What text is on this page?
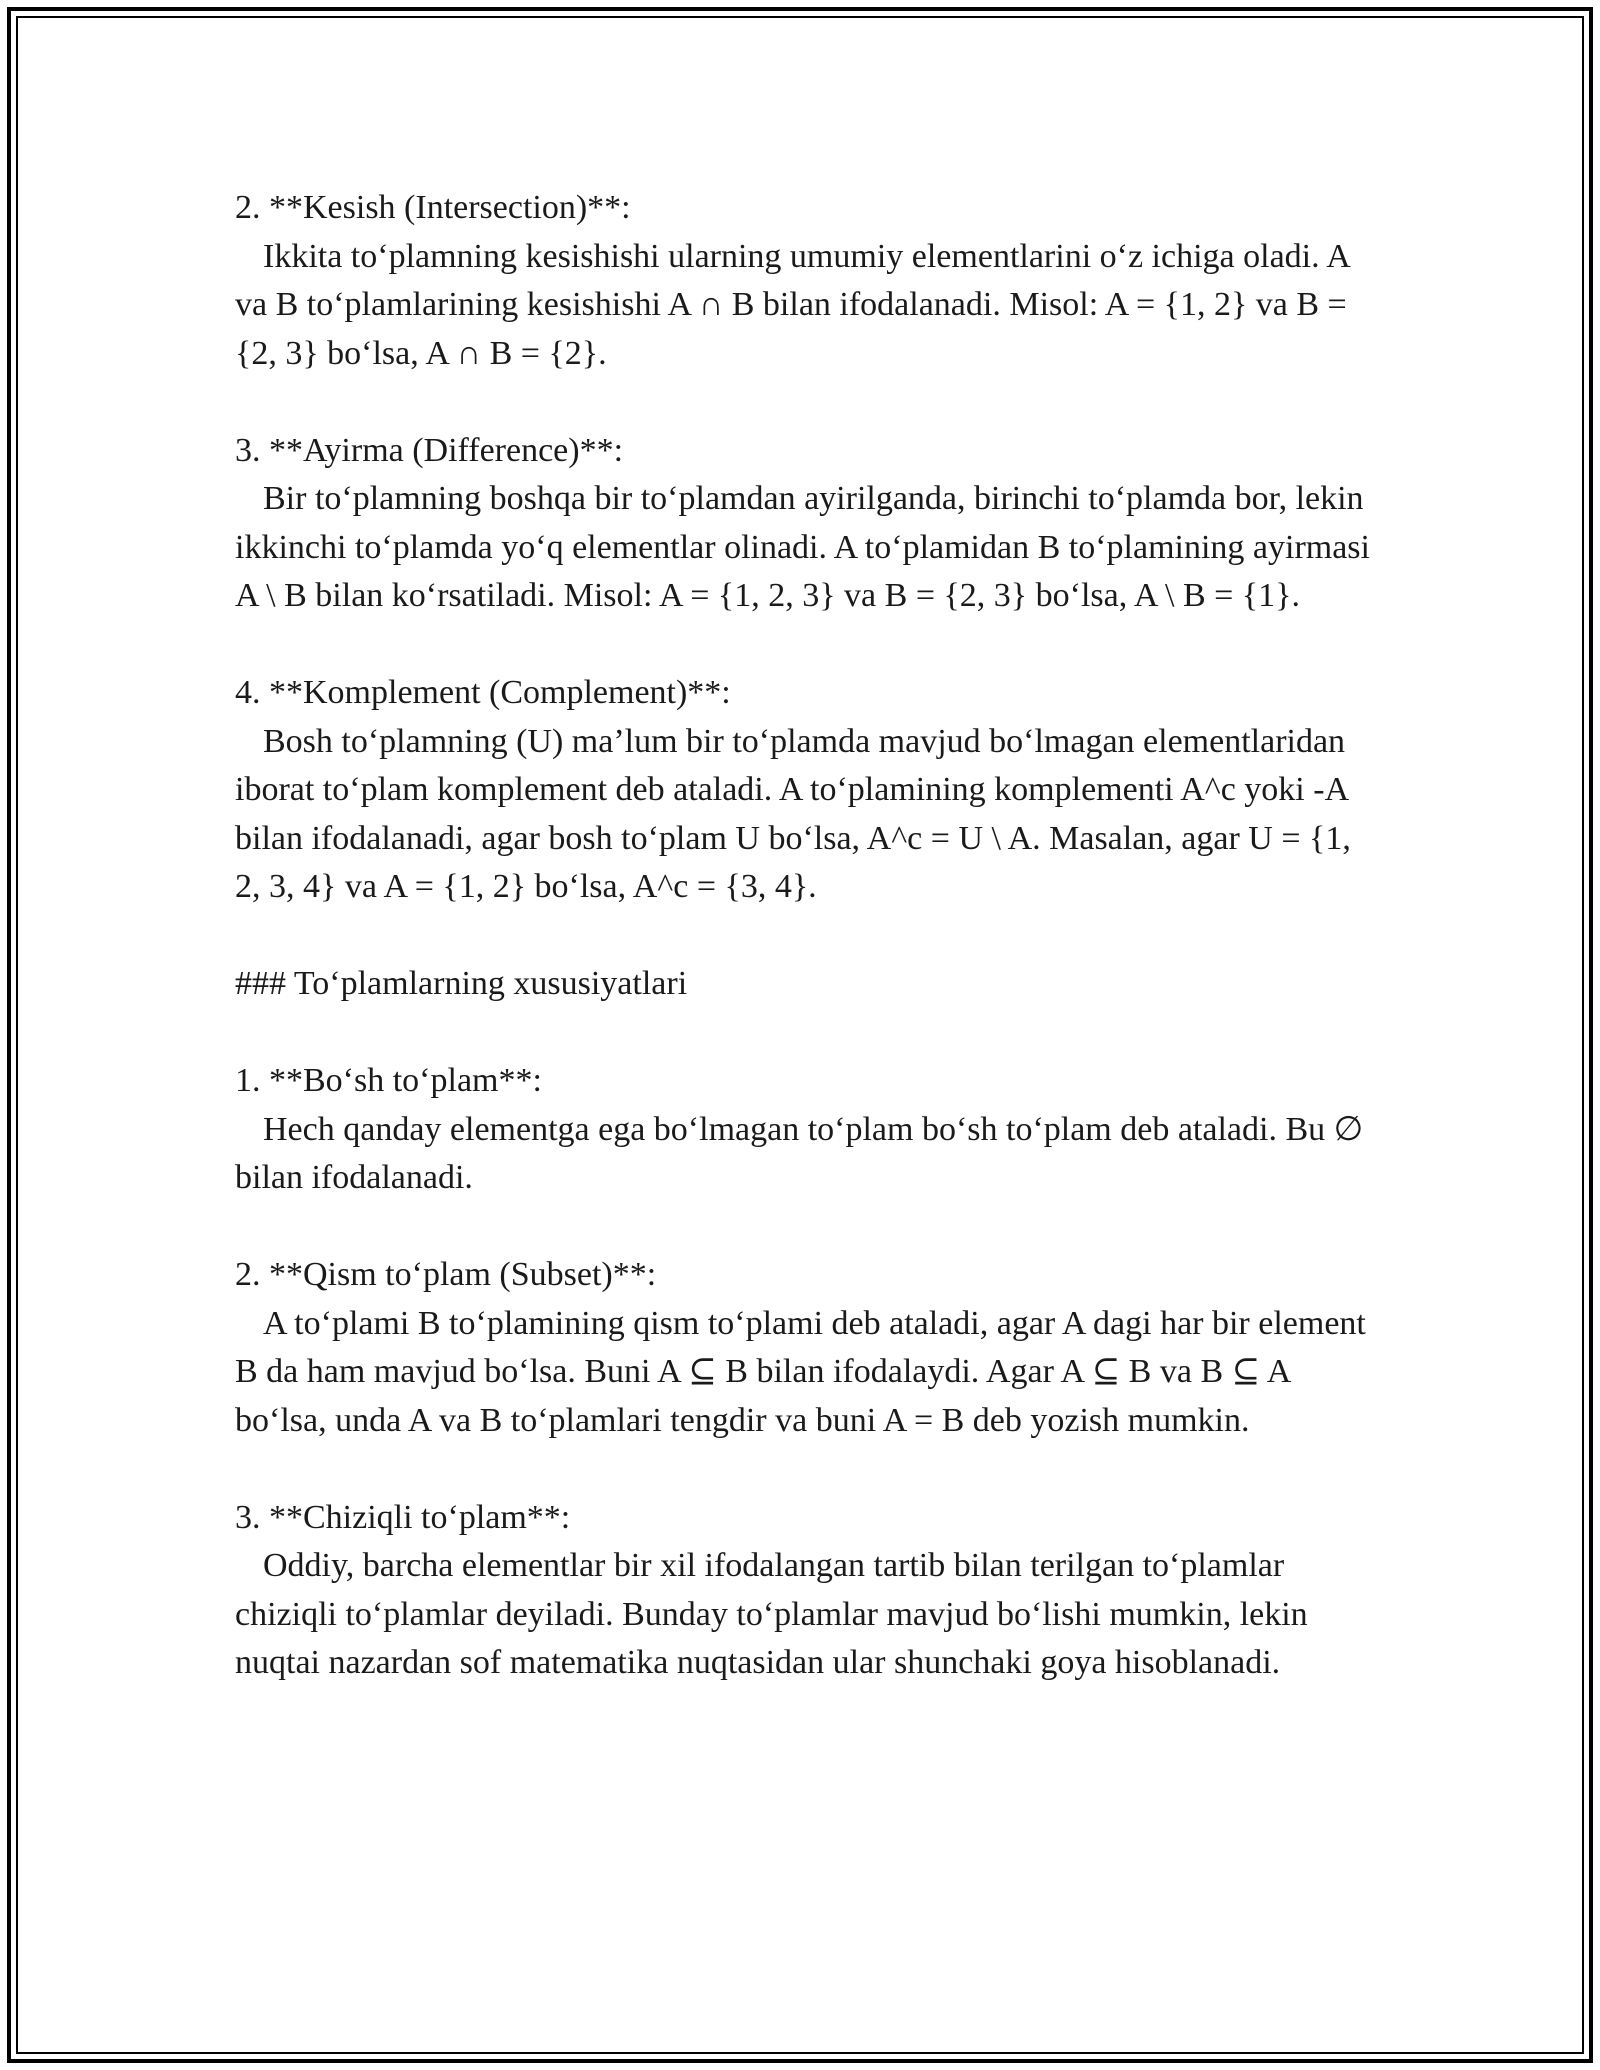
2. **Kesish (Intersection)**:

Ikkita to‘plamning kesishishi ularning umumiy elementlarini o‘z ichiga oladi. A va B to‘plamlarining kesishishi A ∩ B bilan ifodalanadi. Misol: A = {1, 2} va B = {2, 3} bo‘lsa, A ∩ B = {2}.

3. **Ayirma (Difference)**:

Bir to‘plamning boshqa bir to‘plamdan ayirilganda, birinchi to‘plamda bor, lekin ikkinchi to‘plamda yo‘q elementlar olinadi. A to‘plamidan B to‘plamining ayirmasi A \ B bilan ko‘rsatiladi. Misol: A = {1, 2, 3} va B = {2, 3} bo‘lsa, A \ B = {1}.

4. **Komplement (Complement)**:

Bosh to‘plamning (U) ma’lum bir to‘plamda mavjud bo‘lmagan elementlaridan iborat to‘plam komplement deb ataladi. A to‘plamining komplementi A^c yoki -A bilan ifodalanadi, agar bosh to‘plam U bo‘lsa, A^c = U \ A. Masalan, agar U = {1, 2, 3, 4} va A = {1, 2} bo‘lsa, A^c = {3, 4}.

### To‘plamlarning xususiyatlari

1. **Bo‘sh to‘plam**:

Hech qanday elementga ega bo‘lmagan to‘plam bo‘sh to‘plam deb ataladi. Bu ∅ bilan ifodalanadi.

2. **Qism to‘plam (Subset)**:

A to‘plami B to‘plamining qism to‘plami deb ataladi, agar A dagi har bir element B da ham mavjud bo‘lsa. Buni A ⊆ B bilan ifodalaydi. Agar A ⊆ B va B ⊆ A bo‘lsa, unda A va B to‘plamlari tengdir va buni A = B deb yozish mumkin.

3. **Chiziqli to‘plam**:

Oddiy, barcha elementlar bir xil ifodalangan tartib bilan terilgan to‘plamlar chiziqli to‘plamlar deyiladi. Bunday to‘plamlar mavjud bo‘lishi mumkin, lekin nuqtai nazardan sof matematika nuqtasidan ular shunchaki goya hisoblanadi.
